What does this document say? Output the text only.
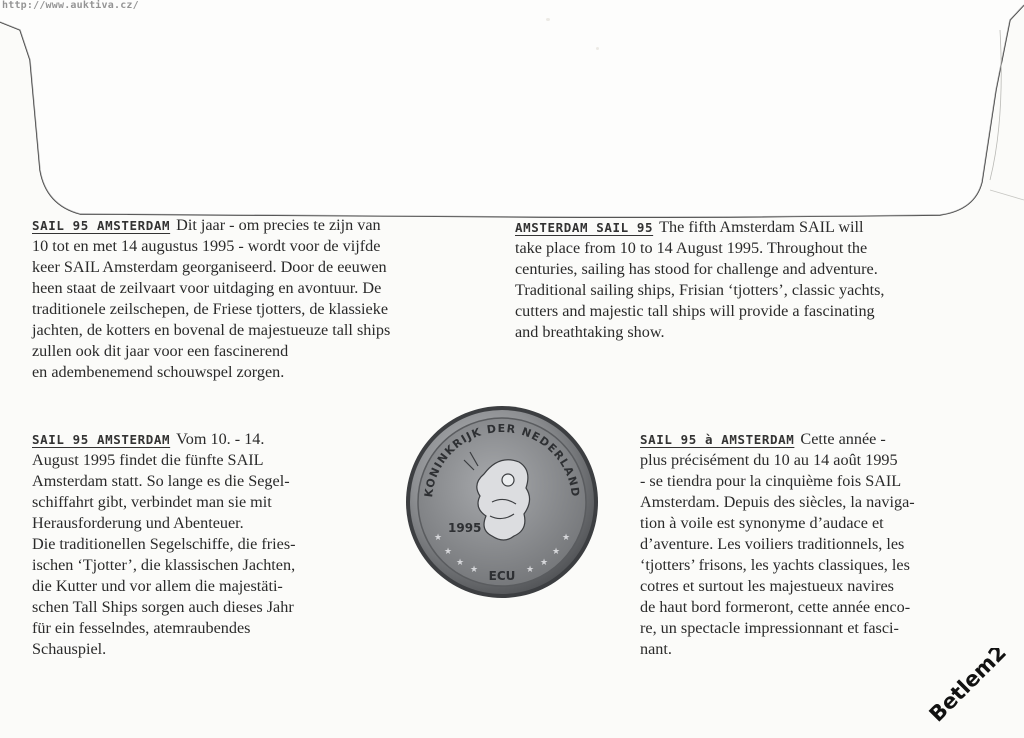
SAIL 95 AMSTERDAM Dit jaar - om precies te zijn van
10 tot en met 14 augustus 1995 - wordt voor de vijfde
keer SAIL Amsterdam georganiseerd. Door de eeuwen
heen staat de zeilvaart voor uitdaging en avontuur. De
traditionele zeilschepen, de Friese tjotters, de klassieke
jachten, de kotters en bovenal de majestueuze tall ships
zullen ook dit jaar voor een fascinerend
en adembenemend schouwspel zorgen.
AMSTERDAM SAIL 95 The fifth Amsterdam SAIL will
take place from 10 to 14 August 1995. Throughout the
centuries, sailing has stood for challenge and adventure.
Traditional sailing ships, Frisian ‘tjotters’, classic yachts,
cutters and majestic tall ships will provide a fascinating
and breathtaking show.
SAIL 95 AMSTERDAM Vom 10. - 14.
August 1995 findet die fünfte SAIL
Amsterdam statt. So lange es die Segel-
schiffahrt gibt, verbindet man sie mit
Herausforderung und Abenteuer.
Die traditionellen Segelschiffe, die fries-
ischen ‘Tjotter’, die klassischen Jachten,
die Kutter und vor allem die majestäti-
schen Tall Ships sorgen auch dieses Jahr
für ein fesselndes, atemraubendes
Schauspiel.
SAIL 95 à AMSTERDAM Cette année -
plus précisément du 10 au 14 août 1995
- se tiendra pour la cinquième fois SAIL
Amsterdam. Depuis des siècles, la naviga-
tion à voile est synonyme d’audace et
d’aventure. Les voiliers traditionnels, les
‘tjotters’ frisons, les yachts classiques, les
cotres et surtout les majestueux navires
de haut bord formeront, cette année enco-
re, un spectacle impressionnant et fasci-
nant.
KONINKRIJK DER NEDERLAND
★
★
★	★
★
★
★	★
1995
ECU
Betlem2
